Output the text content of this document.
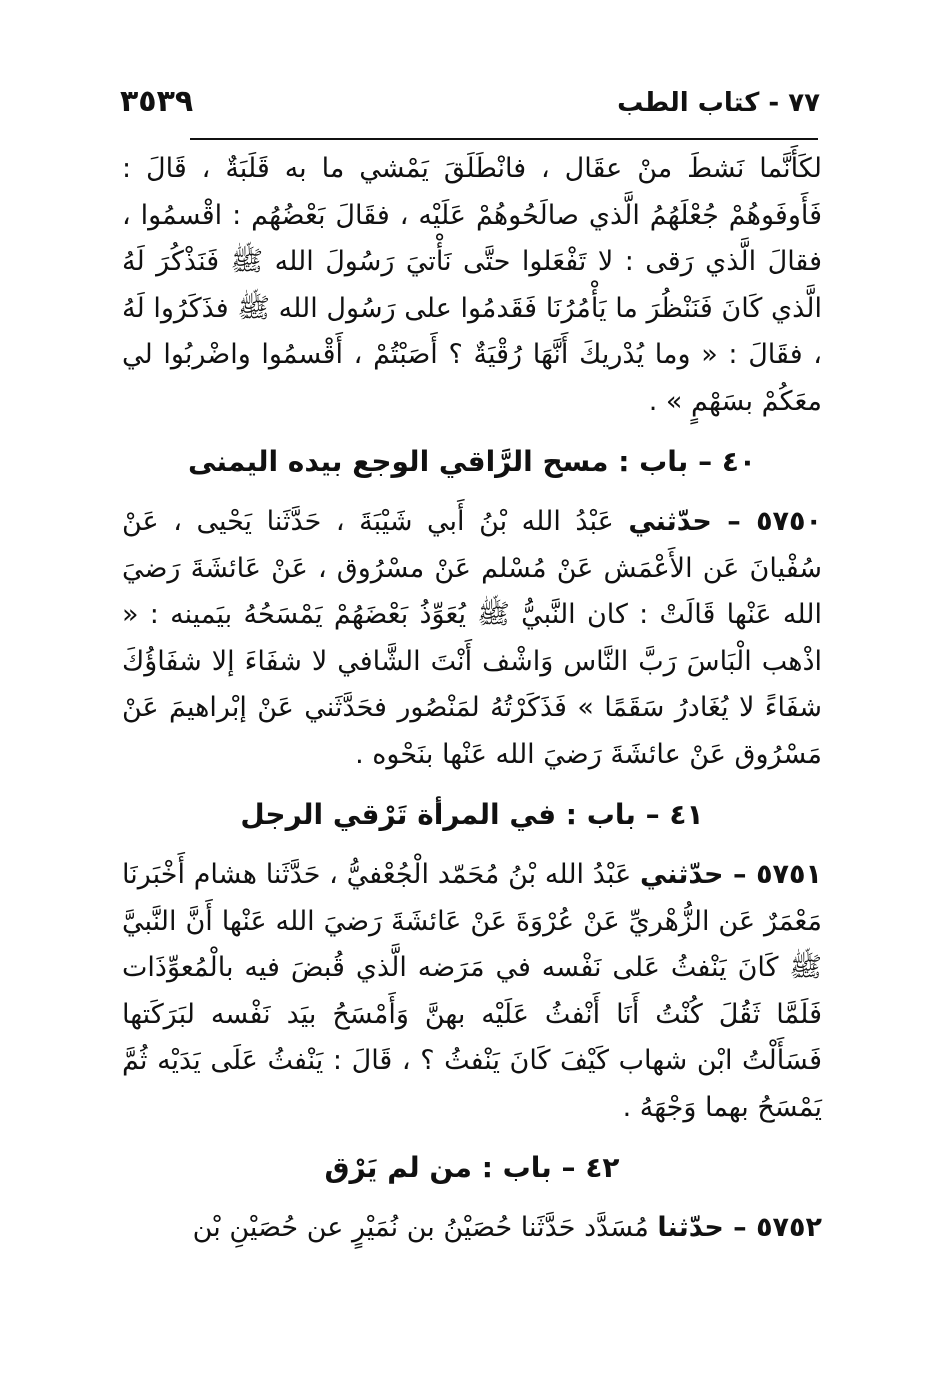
٧٧ - كتاب الطب
٣٥٣٩

لكَأَنَّما نَشطَ منْ عقَال ، فانْطَلَقَ يَمْشي ما به قَلَبَةٌ ، قَالَ : فَأَوفَوهُمْ جُعْلَهُمُ الَّذي صالَحُوهُمْ عَلَيْه ، فقَالَ بَعْضُهُم : اقْسمُوا ، فقالَ الَّذي رَقى : لا تَفْعَلوا حتَّى نَأْتيَ رَسُولَ الله ﷺ فَنَذْكُرَ لَهُ الَّذي كَانَ فَنَنْظُرَ ما يَأْمُرُنَا فَقَدمُوا على رَسُول الله ﷺ فذَكَرُوا لَهُ ، فقَالَ : « وما يُدْريكَ أَنَّهَا رُقْيَةٌ ؟ أَصَبْتُمْ ، أَقْسمُوا واضْربُوا لي معَكُمْ بسَهْمٍ » .

٤٠ – باب : مسح الرَّاقي الوجع بيده اليمنى

٥٧٥٠ – حدّثني عَبْدُ الله بْنُ أَبي شَيْبَةَ ، حَدَّثَنا يَحْيى ، عَنْ سُفْيانَ عَن الأَعْمَش عَنْ مُسْلم عَنْ مسْرُوق ، عَنْ عَائشَةَ رَضيَ الله عَنْها قَالَتْ : كان النَّبيُّ ﷺ يُعَوِّذُ بَعْضَهُمْ يَمْسَحُهُ بيَمينه : « اذْهب الْبَاسَ رَبَّ النَّاس وَاشْف أَنْتَ الشَّافي لا شفَاءَ إلا شفَاؤُكَ شفَاءً لا يُغَادرُ سَقَمًا » فَذَكَرْتُهُ لمَنْصُور فحَدَّثَني عَنْ إبْراهيمَ عَنْ مَسْرُوق عَنْ عائشَةَ رَضيَ الله عَنْها بنَحْوه .

٤١ – باب : في المرأة تَرْقي الرجل

٥٧٥١ – حدّثني عَبْدُ الله بْنُ مُحَمّد الْجُعْفيُّ ، حَدَّثَنا هشام أَخْبَرنَا مَعْمَرٌ عَن الزُّهْريِّ عَنْ عُرْوَةَ عَنْ عَائشَةَ رَضيَ الله عَنْها أَنَّ النَّبيَّ ﷺ كَانَ يَنْفثُ عَلى نَفْسه في مَرَضه الَّذي قُبضَ فيه بالْمُعوِّذَات فَلَمَّا ثَقُلَ كُنْتُ أَنَا أَنْفثُ عَلَيْه بهنَّ وَأَمْسَحُ بيَد نَفْسه لبَرَكَتها فَسَأَلْتُ ابْن شهاب كَيْفَ كَانَ يَنْفثُ ؟ ، قَالَ : يَنْفثُ عَلَى يَدَيْه ثُمَّ يَمْسَحُ بهما وَجْهَهُ .

٤٢ – باب : من لم يَرْق

٥٧٥٢ – حدّثنا مُسَدَّد حَدَّثَنا حُصَيْنُ بن نُمَيْرٍ عن حُصَيْنِ بْن
